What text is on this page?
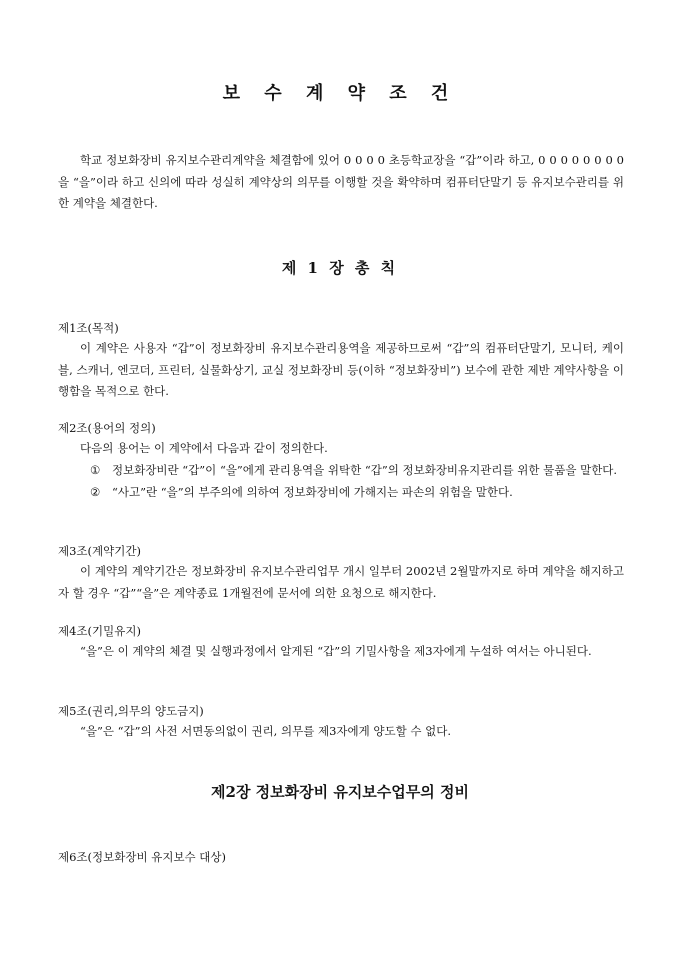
보 수 계 약 조 건

학교 정보화장비 유지보수관리계약을 체결함에 있어 0 0 0 0 초등학교장을 “갑”이라 하고, 0 0 0 0 0 0 0 0 을 “을”이라 하고 신의에 따라 성실히 계약상의 의무를 이행할 것을 확약하며 컴퓨터단말기 등 유지보수관리를 위한 계약을 체결한다.

제 1 장 총 칙

제1조(목적)

이 계약은 사용자 “갑”이 정보화장비 유지보수관리용역을 제공하므로써 “갑”의 컴퓨터단말기, 모니터, 케이블, 스캐너, 엔코더, 프린터, 실물화상기, 교실 정보화장비 등(이하 “정보화장비”) 보수에 관한 제반 계약사항을 이행함을 목적으로 한다.

제2조(용어의 정의)

다음의 용어는 이 계약에서 다음과 같이 정의한다.

①	정보화장비란 “갑”이 “을”에게 관리용역을 위탁한 “갑”의 정보화장비유지관리를 위한 물품을 말한다.
②	“사고”란 “을”의 부주의에 의하여 정보화장비에 가해지는 파손의 위험을 말한다.

제3조(계약기간)

이 계약의 계약기간은 정보화장비 유지보수관리업무 개시 일부터 2002년 2월말까지로 하며 계약을 해지하고자 할 경우 “갑”“을”은 계약종료 1개월전에 문서에 의한 요청으로 해지한다.

제4조(기밀유지)

“을”은 이 계약의 체결 및 실행과정에서 알게된 “갑”의 기밀사항을 제3자에게 누설하 여서는 아니된다.

제5조(권리,의무의 양도금지)

“을”은 “갑”의 사전 서면동의없이 권리, 의무를 제3자에게 양도할 수 없다.

제2장 정보화장비 유지보수업무의 정비

제6조(정보화장비 유지보수 대상)
